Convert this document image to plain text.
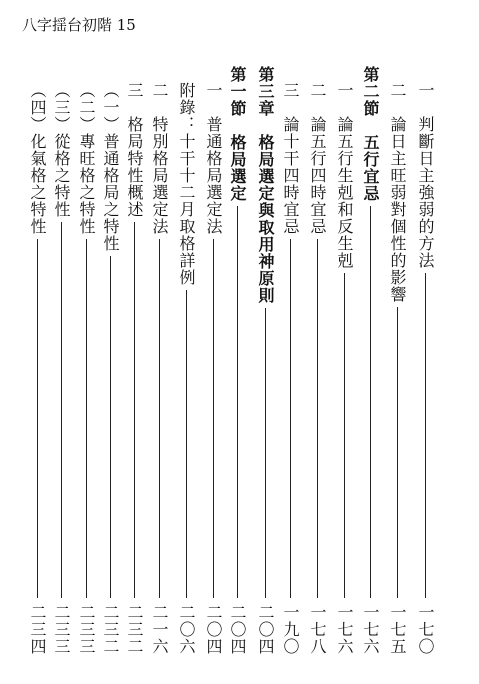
八字揺台初階 15
一　判斷日主強弱的方法
一七〇
二　論日主旺弱對個性的影響
一七五
第二節　五行宜忌
一七六
一　論五行生剋和反生剋
一七六
二　論五行四時宜忌
一七八
三　論十干四時宜忌
一九〇
第三章　格局選定與取用神原則
二〇四
第一節　格局選定
二〇四
一　普通格局選定法
二〇四
附錄：十干十二月取格詳例
二〇六
二　特別格局選定法
二一六
三　格局特性概述
二三二
（一）普通格局之特性
二三二
（二）專旺格之特性
二三三
（三）從格之特性
二三三
（四）化氣格之特性
二三四
